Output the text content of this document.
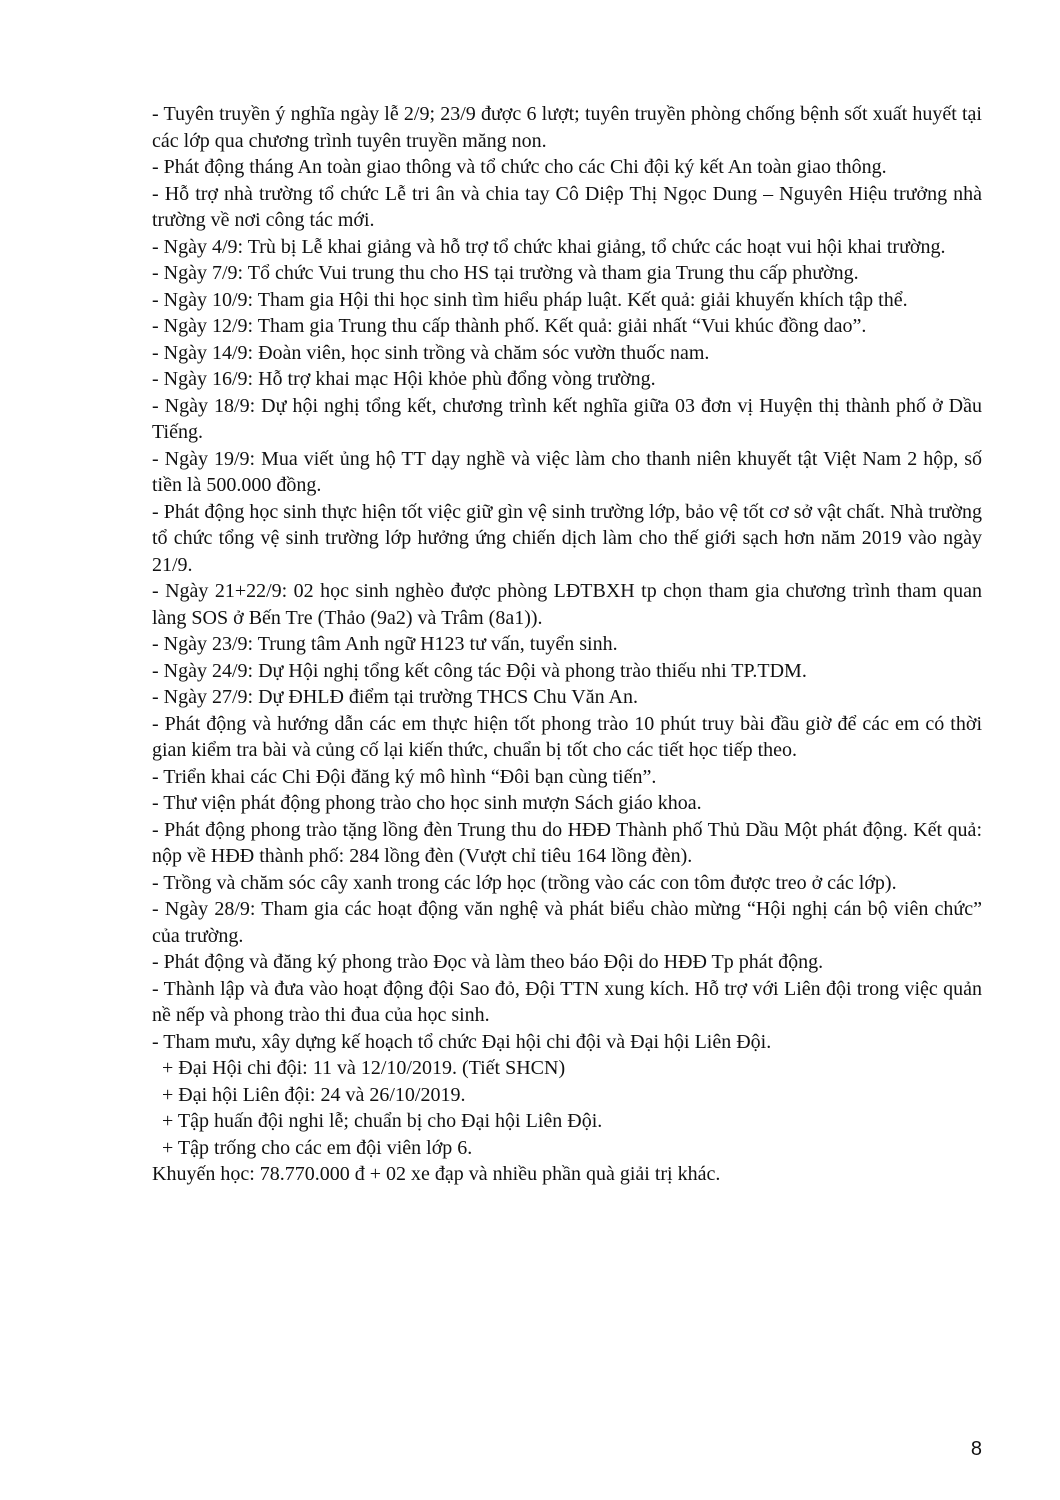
- Tuyên truyền ý nghĩa ngày lễ 2/9; 23/9 được 6 lượt; tuyên truyền phòng chống bệnh sốt xuất huyết tại các lớp qua chương trình tuyên truyền măng non.

- Phát động tháng An toàn giao thông và tổ chức cho các Chi đội ký kết An toàn giao thông.

- Hỗ trợ nhà trường tổ chức Lễ tri ân và chia tay Cô Diệp Thị Ngọc Dung – Nguyên Hiệu trưởng nhà trường về nơi công tác mới.

- Ngày 4/9: Trù bị Lễ khai giảng và hỗ trợ tổ chức khai giảng, tổ chức các hoạt vui hội khai trường.

- Ngày 7/9: Tổ chức Vui trung thu cho HS tại trường và tham gia Trung thu cấp phường.

- Ngày 10/9: Tham gia Hội thi học sinh tìm hiểu pháp luật. Kết quả: giải khuyến khích tập thể.

- Ngày 12/9: Tham gia Trung thu cấp thành phố. Kết quả: giải nhất “Vui khúc đồng dao”.

- Ngày 14/9: Đoàn viên, học sinh trồng và chăm sóc vườn thuốc nam.

- Ngày 16/9: Hỗ trợ khai mạc Hội khỏe phù đổng vòng trường.

- Ngày 18/9: Dự hội nghị tổng kết, chương trình kết nghĩa giữa 03 đơn vị Huyện thị thành phố ở Dầu Tiếng.

- Ngày 19/9: Mua viết ủng hộ TT dạy nghề và việc làm cho thanh niên khuyết tật Việt Nam 2 hộp, số tiền là 500.000 đồng.

- Phát động học sinh thực hiện tốt việc giữ gìn vệ sinh trường lớp, bảo vệ tốt cơ sở vật chất. Nhà trường tổ chức tổng vệ sinh trường lớp hưởng ứng chiến dịch làm cho thế giới sạch hơn năm 2019 vào ngày 21/9.

- Ngày 21+22/9: 02 học sinh nghèo được phòng LĐTBXH tp chọn tham gia chương trình tham quan làng SOS ở Bến Tre (Thảo (9a2) và Trâm (8a1)).

- Ngày 23/9: Trung tâm Anh ngữ H123 tư vấn, tuyển sinh.

- Ngày 24/9: Dự Hội nghị tổng kết công tác Đội và phong trào thiếu nhi TP.TDM.

- Ngày 27/9: Dự ĐHLĐ điểm tại trường THCS Chu Văn An.

- Phát động và hướng dẫn các em thực hiện tốt phong trào 10 phút truy bài đầu giờ để các em có thời gian kiểm tra bài và củng cố lại kiến thức, chuẩn bị tốt cho các tiết học tiếp theo.

- Triển khai các Chi Đội đăng ký mô hình “Đôi bạn cùng tiến”.

- Thư viện phát động phong trào cho học sinh mượn Sách giáo khoa.

- Phát động phong trào tặng lồng đèn Trung thu do HĐĐ Thành phố Thủ Dầu Một phát động. Kết quả: nộp về HĐĐ thành phố: 284 lồng đèn (Vượt chỉ tiêu 164 lồng đèn).

- Trồng và chăm sóc cây xanh trong các lớp học (trồng vào các con tôm được treo ở các lớp).

- Ngày 28/9: Tham gia các hoạt động văn nghệ và phát biểu chào mừng “Hội nghị cán bộ viên chức” của trường.

- Phát động và đăng ký phong trào Đọc và làm theo báo Đội do HĐĐ Tp phát động.

- Thành lập và đưa vào hoạt động đội Sao đỏ, Đội TTN xung kích. Hỗ trợ với Liên đội trong việc quản nề nếp và phong trào thi đua của học sinh.

- Tham mưu, xây dựng kế hoạch tổ chức Đại hội chi đội và Đại hội Liên Đội.

+ Đại Hội chi đội: 11 và 12/10/2019. (Tiết SHCN)

+ Đại hội Liên đội: 24 và 26/10/2019.

+ Tập huấn đội nghi lễ; chuẩn bị cho Đại hội Liên Đội.

+ Tập trống cho các em đội viên lớp 6.

Khuyến học: 78.770.000 đ + 02 xe đạp và nhiều phần quà giải trị khác.

8
